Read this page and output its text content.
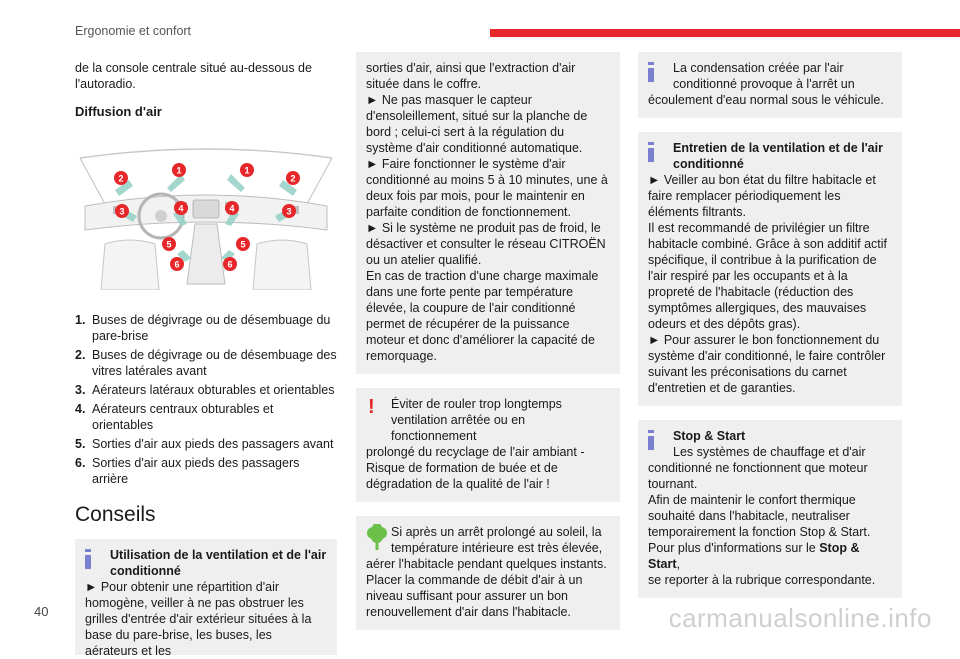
Ergonomie et confort
40	carmanualsonline.info

de la console centrale situé au-dessous de l'autoradio.

Diffusion d'air
1	1
2	2
3	3
4	4
5	5
6	6
1. Buses de dégivrage ou de désembuage du pare-brise
2. Buses de dégivrage ou de désembuage des vitres latérales avant
3. Aérateurs latéraux obturables et orientables
4. Aérateurs centraux obturables et orientables
5. Sorties d'air aux pieds des passagers avant
6. Sorties d'air aux pieds des passagers arrière
Conseils
Utilisation de la ventilation et de l'air conditionné
► Pour obtenir une répartition d'air homogène, veiller à ne pas obstruer les grilles d'entrée d'air extérieur situées à la base du pare-brise, les buses, les aérateurs et les
sorties d'air, ainsi que l'extraction d'air située dans le coffre.
► Ne pas masquer le capteur d'ensoleillement, situé sur la planche de bord ; celui-ci sert à la régulation du système d'air conditionné automatique.
► Faire fonctionner le système d'air conditionné au moins 5 à 10 minutes, une à deux fois par mois, pour le maintenir en parfaite condition de fonctionnement.
► Si le système ne produit pas de froid, le désactiver et consulter le réseau CITROËN ou un atelier qualifié.
En cas de traction d'une charge maximale dans une forte pente par température élevée, la coupure de l'air conditionné permet de récupérer de la puissance moteur et donc d'améliorer la capacité de remorquage.
!	Éviter de rouler trop longtemps ventilation arrêtée ou en fonctionnement
prolongé du recyclage de l'air ambiant - Risque de formation de buée et de dégradation de la qualité de l'air !
Si après un arrêt prolongé au soleil, la température intérieure est très élevée,
aérer l'habitacle pendant quelques instants. Placer la commande de débit d'air à un niveau suffisant pour assurer un bon renouvellement d'air dans l'habitacle.
La condensation créée par l'air conditionné provoque à l'arrêt un
écoulement d'eau normal sous le véhicule.
Entretien de la ventilation et de l'air conditionné
► Veiller au bon état du filtre habitacle et faire remplacer périodiquement les éléments filtrants.
Il est recommandé de privilégier un filtre habitacle combiné. Grâce à son additif actif spécifique, il contribue à la purification de l'air respiré par les occupants et à la propreté de l'habitacle (réduction des symptômes allergiques, des mauvaises odeurs et des dépôts gras).
► Pour assurer le bon fonctionnement du système d'air conditionné, le faire contrôler suivant les préconisations du carnet d'entretien et de garanties.
Stop & Start
Les systèmes de chauffage et d'air
conditionné ne fonctionnent que moteur tournant.
Afin de maintenir le confort thermique souhaité dans l'habitacle, neutraliser temporairement la fonction Stop & Start.
Pour plus d'informations sur le Stop & Start,
se reporter à la rubrique correspondante.
